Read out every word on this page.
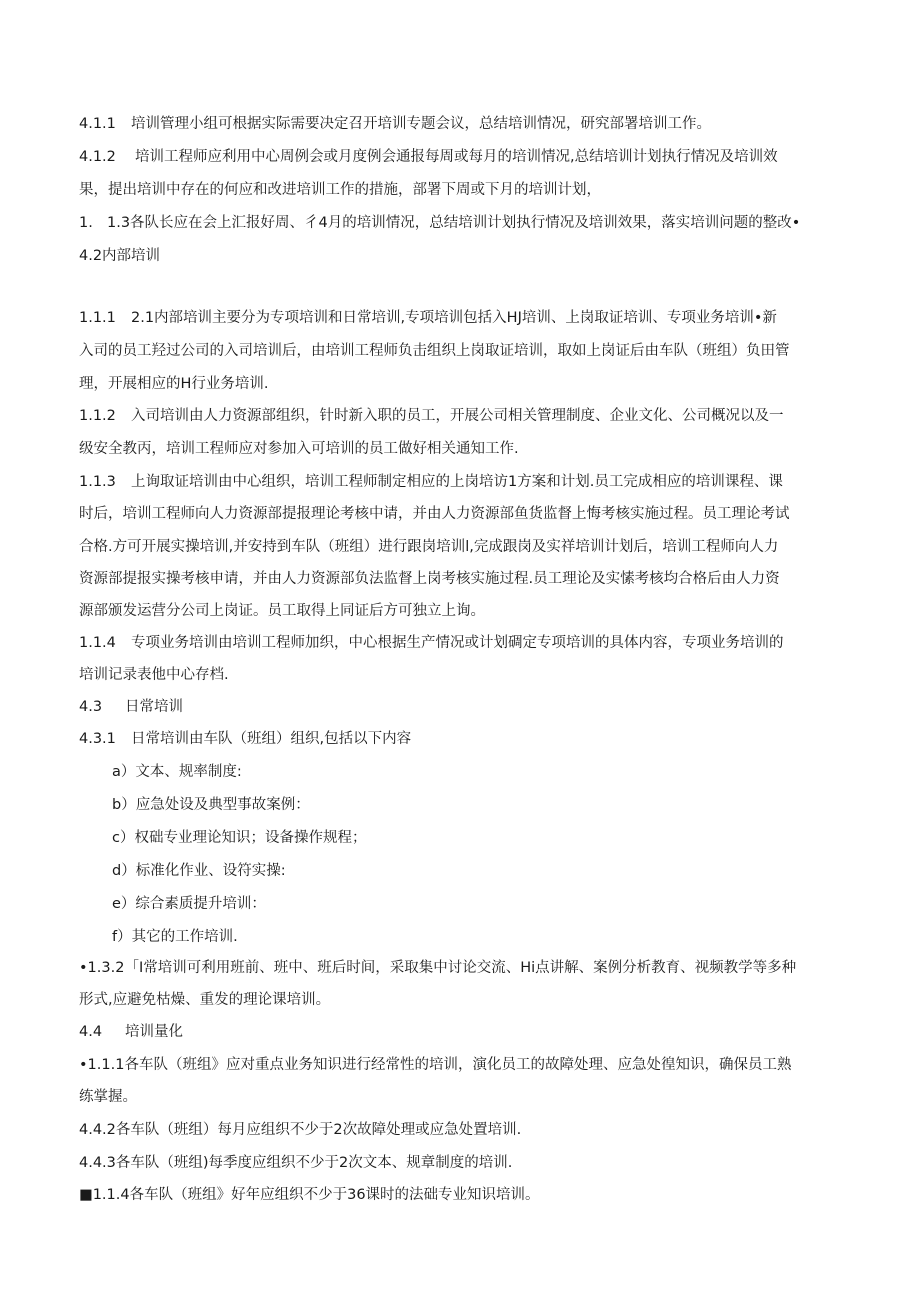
4.1.1 培训管理小组可根据实际需要决定召开培训专题会议，总结培训情况，研究部署培训工作。
4.1.2 培训工程师应利用中心周例会或月度例会通报每周或每月的培训情况,总结培训计划执行情况及培训效
果，提出培训中存在的何应和改进培训工作的措施，部署下周或下月的培训计划，
1. 1.3各队长应在会上汇报好周、彳4月的培训情况，总结培训计划执行情况及培训效果，落实培训问题的整改•
4.2内部培训
1.1.1 2.1内部培训主要分为专项培训和日常培训,专项培训包括入HJ培训、上岗取证培训、专项业务培训•新
入司的员工羟过公司的入司培训后，由培训工程师负击组织上岗取证培训，取如上岗证后由车队（班组）负田管
理，开展相应的H行业务培训.
1.1.2 入司培训由人力资源部组织，针时新入职的员工，开展公司相关管理制度、企业文化、公司概况以及一
级安全教丙，培训工程师应对参加入可培训的员工做好相关通知工作.
1.1.3 上询取证培训由中心组织，培训工程师制定相应的上岗培访1方案和计划.员工完成相应的培训课程、课
时后，培训工程师向人力资源部提报理论考核中请，并由人力资源部鱼货监督上悔考核实施过程。员工理论考试
合格.方可开展实操培训,并安持到车队（班组）进行跟岗培训l,完成跟岗及实祥培训计划后，培训工程师向人力
资源部提报实操考核申请，并由人力资源部负法监督上岗考核实施过程.员工理论及实愫考核均合格后由人力资
源部颁发运营分公司上岗证。员工取得上同证后方可独立上询。
1.1.4 专项业务培训由培训工程师加织，中心根据生产情况或计划碉定专项培训的具体内容，专项业务培训的
培训记录表他中心存档.
4.3 日常培训
4.3.1 日常培训由车队（班组）组织,包括以下内容
a）文本、规率制度:
b）应急处设及典型事故案例：
c）权础专业理论知识；设备操作规程；
d）标准化作业、设符实操:
e）综合素质提升培训：
f）其它的工作培训.
•1.3.2「I常培训可利用班前、班中、班后时间，采取集中讨论交流、Hi点讲解、案例分析教育、视频教学等多种
形式,应避免枯燥、重发的理论课培训。
4.4 培训量化
•1.1.1各车队（班组》应对重点业务知识进行经常性的培训，演化员工的故障处理、应急处徨知识，确保员工熟
练掌握。
4.4.2各车队（班组）每月应组织不少于2次故障处理或应急处置培训.
4.4.3各车队（班组)每季度应组织不少于2次文本、规章制度的培训.
■1.1.4各车队（班组》好年应组织不少于36课时的法础专业知识培训。
